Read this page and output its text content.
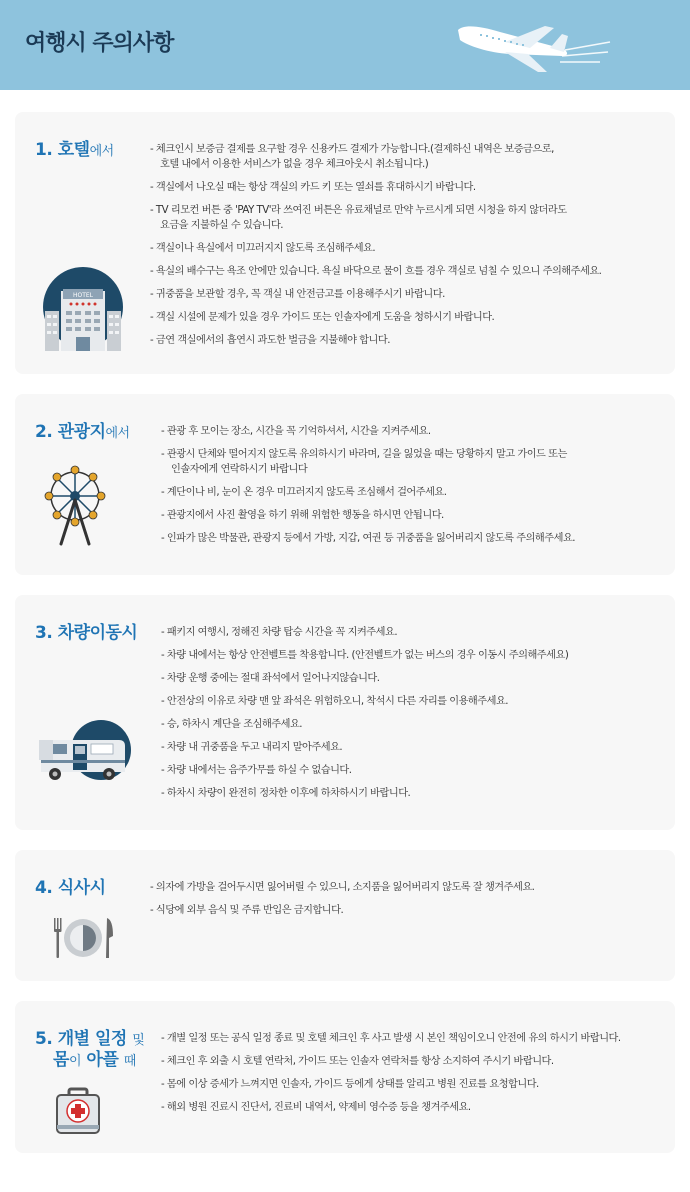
여행시 주의사항
1. 호텔에서
HOTEL
- 체크인시 보증금 결제를 요구할 경우 신용카드 결제가 가능합니다.(결제하신 내역은 보증금으로,
호텔 내에서 이용한 서비스가 없을 경우 체크아웃시 취소됩니다.)
- 객실에서 나오실 때는 항상 객실의 카드 키 또는 열쇠를 휴대하시기 바랍니다.
- TV 리모컨 버튼 중 'PAY TV'라 쓰여진 버튼은 유료채널로 만약 누르시게 되면 시청을 하지 않더라도
요금을 지불하실 수 있습니다.
- 객실이나 욕실에서 미끄러지지 않도록 조심해주세요.
- 욕실의 배수구는 욕조 안에만 있습니다. 욕실 바닥으로 물이 흐를 경우 객실로 넘칠 수 있으니 주의해주세요.
- 귀중품을 보관할 경우, 꼭 객실 내 안전금고를 이용해주시기 바랍니다.
- 객실 시설에 문제가 있을 경우 가이드 또는 인솔자에게 도움을 청하시기 바랍니다.
- 금연 객실에서의 흡연시 과도한 벌금을 지불해야 합니다.
2. 관광지에서	- 관광 후 모이는 장소, 시간을 꼭 기억하셔서, 시간을 지켜주세요.
- 관광시 단체와 떨어지지 않도록 유의하시기 바라며, 길을 잃었을 때는 당황하지 말고 가이드 또는
인솔자에게 연락하시기 바랍니다
- 계단이나 비, 눈이 온 경우 미끄러지지 않도록 조심해서 걸어주세요.
- 관광지에서 사진 촬영을 하기 위해 위험한 행동을 하시면 안됩니다.
- 인파가 많은 박물관, 관광지 등에서 가방, 지갑, 여권 등 귀중품을 잃어버리지 않도록 주의해주세요.
3. 차량이동시	- 패키지 여행시, 정해진 차량 탑승 시간을 꼭 지켜주세요.
- 차량 내에서는 항상 안전벨트를 착용합니다. (안전벨트가 없는 버스의 경우 이동시 주의해주세요)
- 차량 운행 중에는 절대 좌석에서 일어나지않습니다.
- 안전상의 이유로 차량 맨 앞 좌석은 위험하오니, 착석시 다른 자리를 이용해주세요.
- 승, 하차시 계단을 조심해주세요.
- 차량 내 귀중품을 두고 내리지 말아주세요.
- 차량 내에서는 음주가무를 하실 수 없습니다.
- 하차시 차량이 완전히 정차한 이후에 하차하시기 바랍니다.
4. 식사시	- 의자에 가방을 걸어두시면 잃어버릴 수 있으니, 소지품을 잃어버리지 않도록 잘 챙겨주세요.
- 식당에 외부 음식 및 주류 반입은 금지합니다.
5. 개별 일정 및
몸이 아플 때
- 개별 일정 또는 공식 일정 종료 및 호텔 체크인 후 사고 발생 시 본인 책임이오니 안전에 유의 하시기 바랍니다.
- 체크인 후 외출 시 호텔 연락처, 가이드 또는 인솔자 연락처를 항상 소지하여 주시기 바랍니다.
- 몸에 이상 증세가 느껴지면 인솔자, 가이드 등에게 상태를 알리고 병원 진료를 요청합니다.
- 해외 병원 진료시 진단서, 진료비 내역서, 약제비 영수증 등을 챙겨주세요.
